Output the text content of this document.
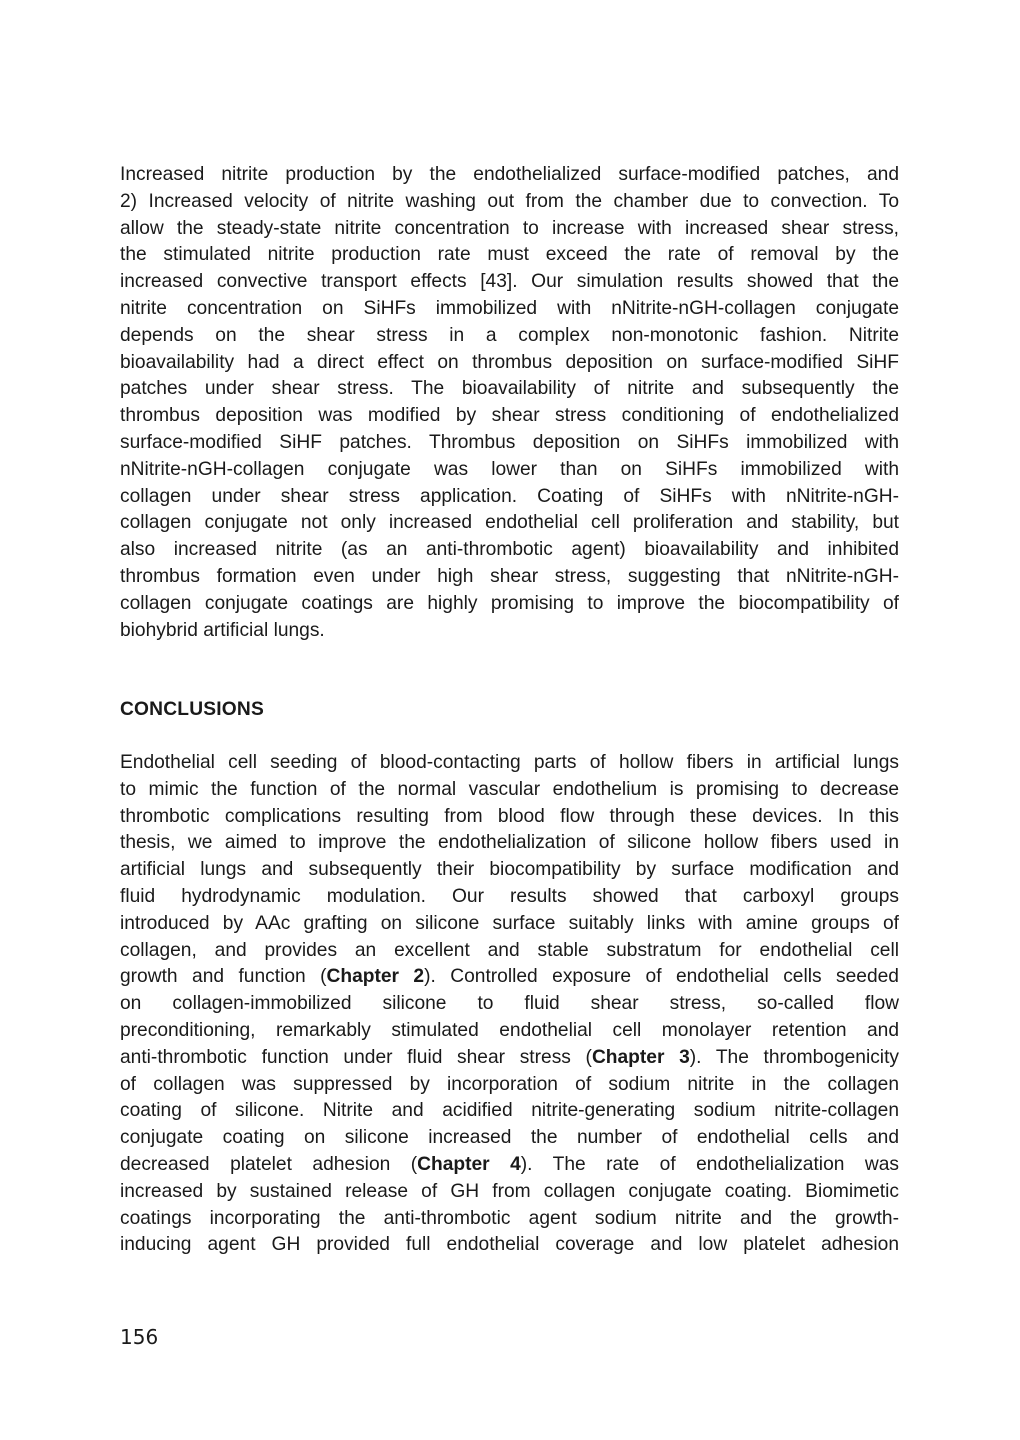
Increased nitrite production by the endothelialized surface-modified patches, and
2) Increased velocity of nitrite washing out from the chamber due to convection. To
allow the steady-state nitrite concentration to increase with increased shear stress,
the stimulated nitrite production rate must exceed the rate of removal by the
increased convective transport effects [43]. Our simulation results showed that the
nitrite concentration on SiHFs immobilized with nNitrite-nGH-collagen conjugate
depends on the shear stress in a complex non-monotonic fashion. Nitrite
bioavailability had a direct effect on thrombus deposition on surface-modified SiHF
patches under shear stress. The bioavailability of nitrite and subsequently the
thrombus deposition was modified by shear stress conditioning of endothelialized
surface-modified SiHF patches. Thrombus deposition on SiHFs immobilized with
nNitrite-nGH-collagen conjugate was lower than on SiHFs immobilized with
collagen under shear stress application. Coating of SiHFs with nNitrite-nGH-
collagen conjugate not only increased endothelial cell proliferation and stability, but
also increased nitrite (as an anti-thrombotic agent) bioavailability and inhibited
thrombus formation even under high shear stress, suggesting that nNitrite-nGH-
collagen conjugate coatings are highly promising to improve the biocompatibility of
biohybrid artificial lungs.
CONCLUSIONS
Endothelial cell seeding of blood-contacting parts of hollow fibers in artificial lungs
to mimic the function of the normal vascular endothelium is promising to decrease
thrombotic complications resulting from blood flow through these devices. In this
thesis, we aimed to improve the endothelialization of silicone hollow fibers used in
artificial lungs and subsequently their biocompatibility by surface modification and
fluid hydrodynamic modulation. Our results showed that carboxyl groups
introduced by AAc grafting on silicone surface suitably links with amine groups of
collagen, and provides an excellent and stable substratum for endothelial cell
growth and function (Chapter 2). Controlled exposure of endothelial cells seeded
on collagen-immobilized silicone to fluid shear stress, so-called flow
preconditioning, remarkably stimulated endothelial cell monolayer retention and
anti-thrombotic function under fluid shear stress (Chapter 3). The thrombogenicity
of collagen was suppressed by incorporation of sodium nitrite in the collagen
coating of silicone. Nitrite and acidified nitrite-generating sodium nitrite-collagen
conjugate coating on silicone increased the number of endothelial cells and
decreased platelet adhesion (Chapter 4). The rate of endothelialization was
increased by sustained release of GH from collagen conjugate coating. Biomimetic
coatings incorporating the anti-thrombotic agent sodium nitrite and the growth-
inducing agent GH provided full endothelial coverage and low platelet adhesion
156
